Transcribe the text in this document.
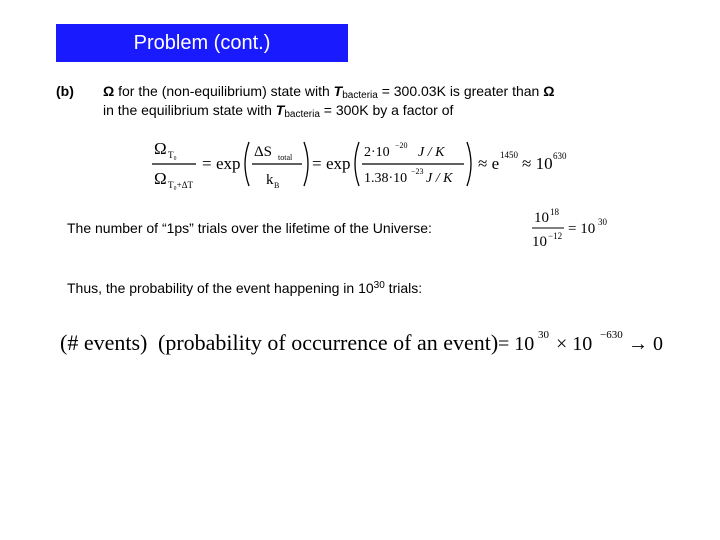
Problem (cont.)
(b) Ω for the (non-equilibrium) state with $T_{bacteria} = 300.03K$ is greater than Ω
in the equilibrium state with $T_{bacteria} = 300K$ by a factor of
Ω T₀
Ω T₀+ΔT
= exp
ΔS total
k B
= exp
2·10 −20 J / K
1.38·10 −23 J / K
≈ e 1450 ≈ 10 630
The number of “1ps” trials over the lifetime of the Universe:
10 18
10 −12 = 10 30
Thus, the probability of the event happening in $10^{30}$ trials:
(# events) (probability of occurrence of an event) = 10 30 × 10 −630 → 0
